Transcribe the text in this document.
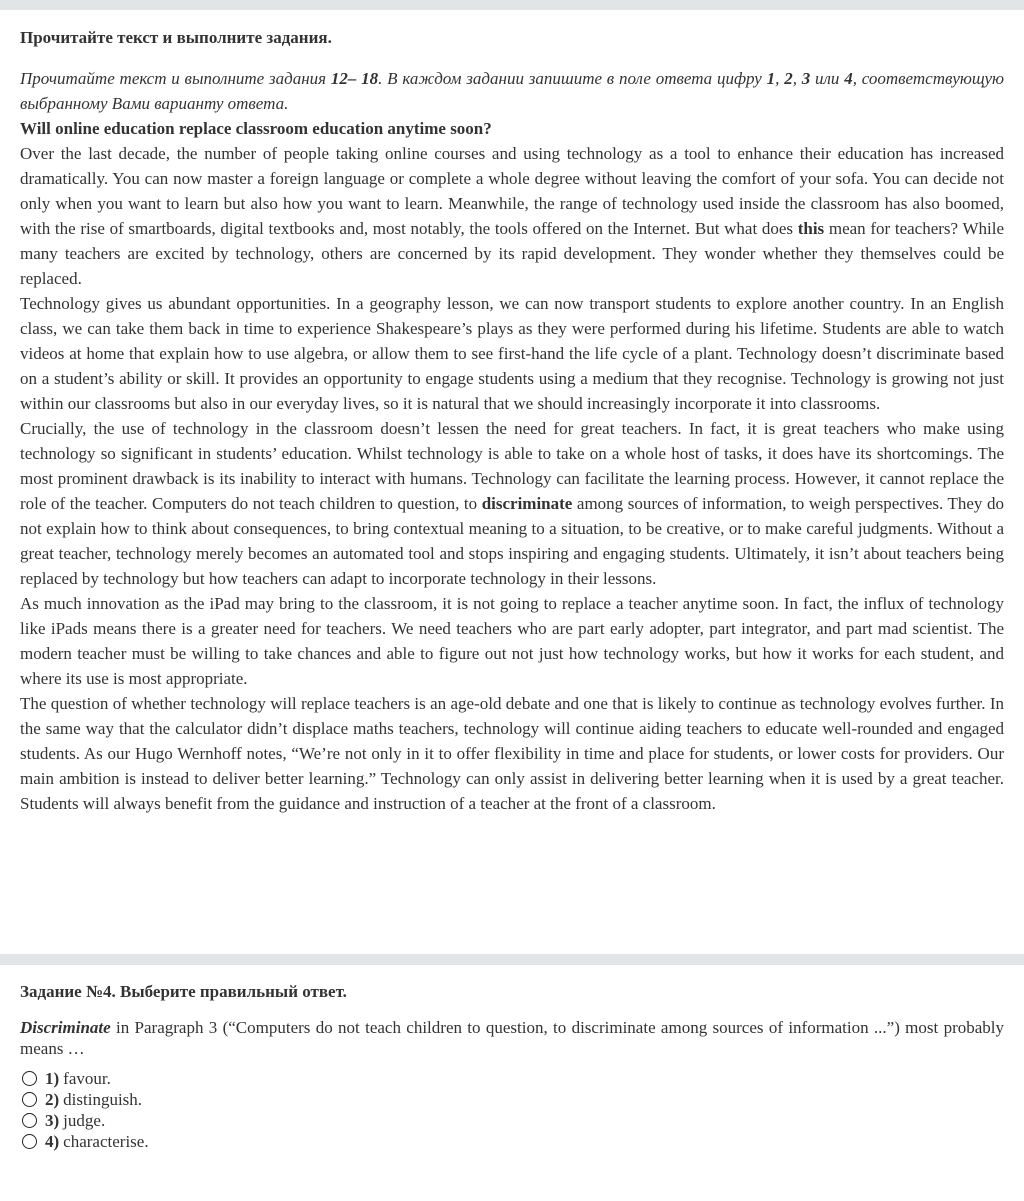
Прочитайте текст и выполните задания.

Прочитайте текст и выполните задания 12– 18. В каждом задании запишите в поле ответа цифру 1, 2, 3 или 4, соответствующую выбранному Вами варианту ответа.

Will online education replace classroom education anytime soon?

Over the last decade, the number of people taking online courses and using technology as a tool to enhance their education has increased dramatically. You can now master a foreign language or complete a whole degree without leaving the comfort of your sofa. You can decide not only when you want to learn but also how you want to learn. Meanwhile, the range of technology used inside the classroom has also boomed, with the rise of smartboards, digital textbooks and, most notably, the tools offered on the Internet. But what does this mean for teachers? While many teachers are excited by technology, others are concerned by its rapid development. They wonder whether they themselves could be replaced.

Technology gives us abundant opportunities. In a geography lesson, we can now transport students to explore another country. In an English class, we can take them back in time to experience Shakespeare’s plays as they were performed during his lifetime. Students are able to watch videos at home that explain how to use algebra, or allow them to see first-hand the life cycle of a plant. Technology doesn’t discriminate based on a student’s ability or skill. It provides an opportunity to engage students using a medium that they recognise. Technology is growing not just within our classrooms but also in our everyday lives, so it is natural that we should increasingly incorporate it into classrooms.

Crucially, the use of technology in the classroom doesn’t lessen the need for great teachers. In fact, it is great teachers who make using technology so significant in students’ education. Whilst technology is able to take on a whole host of tasks, it does have its shortcomings. The most prominent drawback is its inability to interact with humans. Technology can facilitate the learning process. However, it cannot replace the role of the teacher. Computers do not teach children to question, to discriminate among sources of information, to weigh perspectives. They do not explain how to think about consequences, to bring contextual meaning to a situation, to be creative, or to make careful judgments. Without a great teacher, technology merely becomes an automated tool and stops inspiring and engaging students. Ultimately, it isn’t about teachers being replaced by technology but how teachers can adapt to incorporate technology in their lessons.

As much innovation as the iPad may bring to the classroom, it is not going to replace a teacher anytime soon. In fact, the influx of technology like iPads means there is a greater need for teachers. We need teachers who are part early adopter, part integrator, and part mad scientist. The modern teacher must be willing to take chances and able to figure out not just how technology works, but how it works for each student, and where its use is most appropriate.

The question of whether technology will replace teachers is an age-old debate and one that is likely to continue as technology evolves further. In the same way that the calculator didn’t displace maths teachers, technology will continue aiding teachers to educate well-rounded and engaged students. As our Hugo Wernhoff notes, “We’re not only in it to offer flexibility in time and place for students, or lower costs for providers. Our main ambition is instead to deliver better learning.” Technology can only assist in delivering better learning when it is used by a great teacher. Students will always benefit from the guidance and instruction of a teacher at the front of a classroom.

Задание №4. Выберите правильный ответ.

Discriminate in Paragraph 3 (“Computers do not teach children to question, to discriminate among sources of information ...”) most probably means …

1) favour.
2) distinguish.
3) judge.
4) characterise.
